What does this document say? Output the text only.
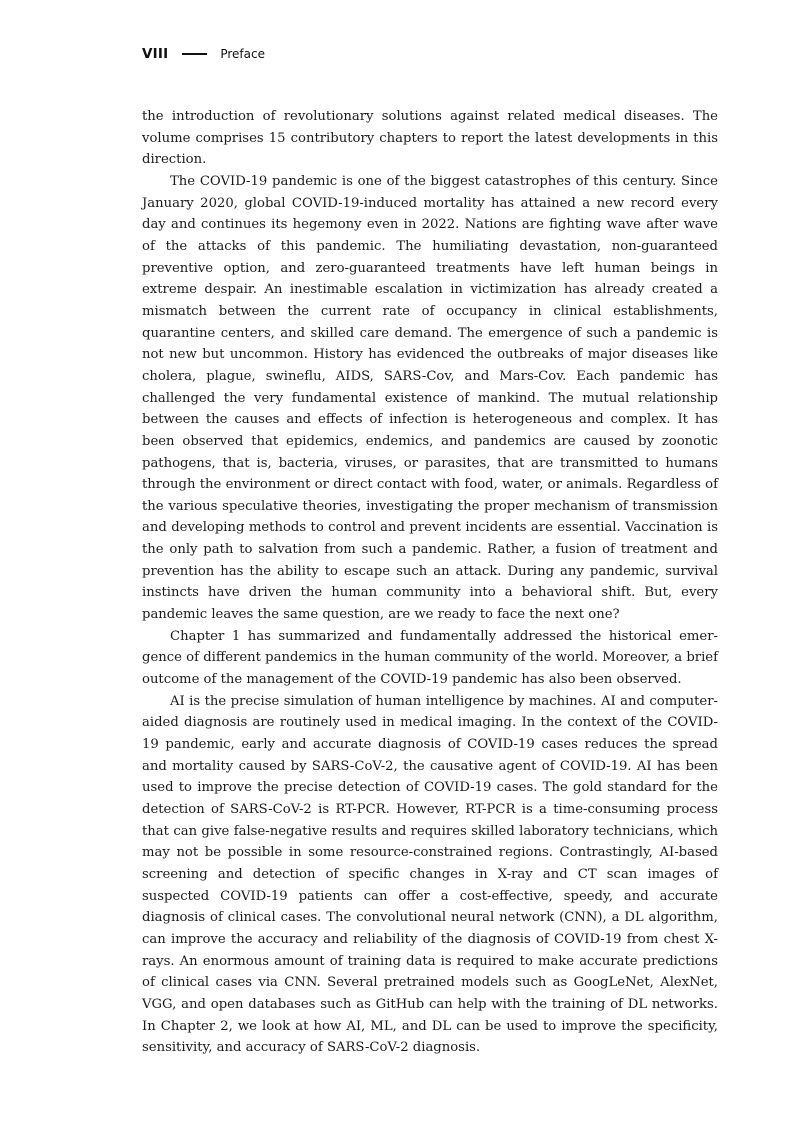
VIII	Preface

the introduction of revolutionary solutions against related medical diseases. The volume comprises 15 contributory chapters to report the latest developments in this direction.

The COVID-19 pandemic is one of the biggest catastrophes of this century. Since January 2020, global COVID-19-induced mortality has attained a new record every day and continues its hegemony even in 2022. Nations are fighting wave after wave of the attacks of this pandemic. The humiliating devastation, non-guaranteed preventive option, and zero-guaranteed treatments have left human beings in extreme despair. An inestimable escalation in victimization has already created a mismatch between the current rate of occupancy in clinical establishments, quarantine centers, and skilled care demand. The emergence of such a pandemic is not new but uncommon. History has evidenced the outbreaks of major diseases like cholera, plague, swineflu, AIDS, SARS-Cov, and Mars-Cov. Each pandemic has challenged the very fundamental existence of mankind. The mutual relationship between the causes and effects of infection is heterogeneous and complex. It has been observed that epidemics, endemics, and pandemics are caused by zoonotic pathogens, that is, bacteria, viruses, or parasites, that are transmitted to humans through the environment or direct contact with food, water, or animals. Regardless of the various speculative theories, investigating the proper mechanism of transmission and developing methods to control and prevent incidents are essential. Vaccination is the only path to salvation from such a pandemic. Rather, a fusion of treatment and prevention has the ability to escape such an attack. During any pandemic, survival instincts have driven the human community into a behavioral shift. But, every pandemic leaves the same question, are we ready to face the next one?

Chapter 1 has summarized and fundamentally addressed the historical emergence of different pandemics in the human community of the world. Moreover, a brief outcome of the management of the COVID-19 pandemic has also been observed.

AI is the precise simulation of human intelligence by machines. AI and computer-aided diagnosis are routinely used in medical imaging. In the context of the COVID-19 pandemic, early and accurate diagnosis of COVID-19 cases reduces the spread and mortality caused by SARS-CoV-2, the causative agent of COVID-19. AI has been used to improve the precise detection of COVID-19 cases. The gold standard for the detection of SARS-CoV-2 is RT-PCR. However, RT-PCR is a time-consuming process that can give false-negative results and requires skilled laboratory technicians, which may not be possible in some resource-constrained regions. Contrastingly, AI-based screening and detection of specific changes in X-ray and CT scan images of suspected COVID-19 patients can offer a cost-effective, speedy, and accurate diagnosis of clinical cases. The convolutional neural network (CNN), a DL algorithm, can improve the accuracy and reliability of the diagnosis of COVID-19 from chest X-rays. An enormous amount of training data is required to make accurate predictions of clinical cases via CNN. Several pretrained models such as GoogLeNet, AlexNet, VGG, and open databases such as GitHub can help with the training of DL networks. In Chapter 2, we look at how AI, ML, and DL can be used to improve the specificity, sensitivity, and accuracy of SARS-CoV-2 diagnosis.
